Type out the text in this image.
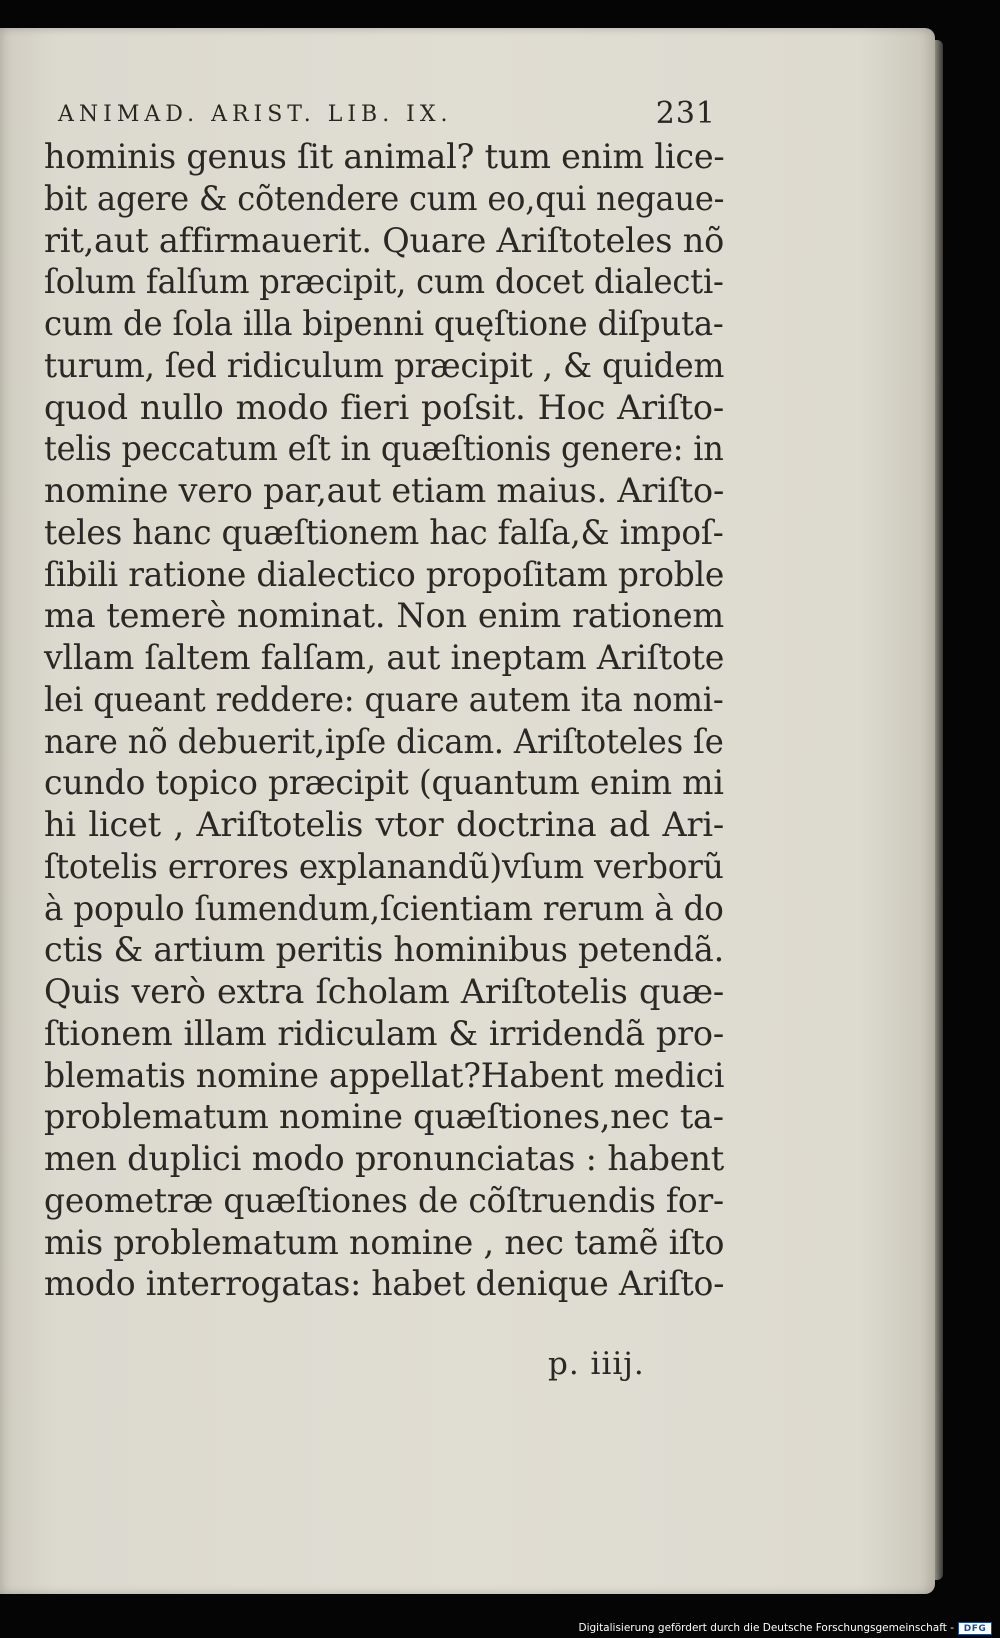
ANIMAD. ARIST. LIB. IX.	231
hominis genus ſit animal? tum enim lice-
bit agere & cõtendere cum eo,qui negaue-
rit,aut affirmauerit. Quare Ariſtoteles nõ
ſolum falſum præcipit, cum docet dialecti-
cum de ſola illa bipenni quęſtione diſputa-
turum, ſed ridiculum præcipit , & quidem
quod nullo modo fieri poſsit. Hoc Ariſto-
telis peccatum eſt in quæſtionis genere: in
nomine vero par,aut etiam maius. Ariſto-
teles hanc quæſtionem hac falſa,& impoſ-
ſibili ratione dialectico propoſitam proble
ma temerè nominat. Non enim rationem
vllam ſaltem falſam, aut ineptam Ariſtote
lei queant reddere: quare autem ita nomi-
nare nõ debuerit,ipſe dicam. Ariſtoteles ſe
cundo topico præcipit (quantum enim mi
hi licet , Ariſtotelis vtor doctrina ad Ari-
ſtotelis errores explanandũ)vſum verborũ
à populo ſumendum,ſcientiam rerum à do
ctis & artium peritis hominibus petendã.
Quis verò extra ſcholam Ariſtotelis quæ-
ſtionem illam ridiculam & irridendã pro-
blematis nomine appellat?Habent medici
problematum nomine quæſtiones,nec ta-
men duplici modo pronunciatas : habent
geometræ quæſtiones de cõſtruendis for-
mis problematum nomine , nec tamẽ iſto
modo interrogatas: habet denique Ariſto-
p. iiij.
Digitalisierung gefördert durch die Deutsche Forschungsgemeinschaft -	DFG
